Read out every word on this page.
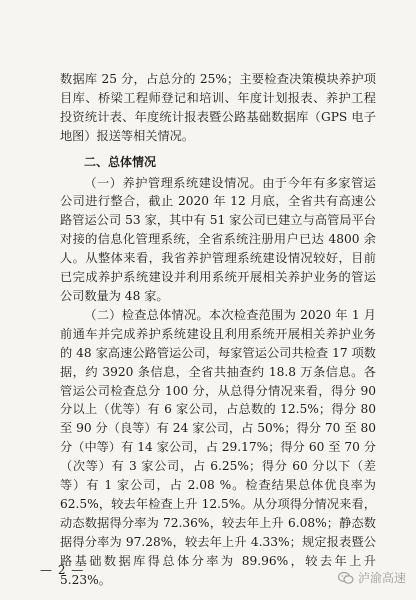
数据库 25 分，占总分的 25%；主要检查决策模块养护项目库、桥梁工程师登记和培训、年度计划报表、养护工程投资统计表、年度统计报表暨公路基础数据库（GPS 电子地图）报送等相关情况。

二、总体情况

（一）养护管理系统建设情况。由于今年有多家管运公司进行整合，截止 2020 年 12 月底，全省共有高速公路管运公司 53 家，其中有 51 家公司已建立与高管局平台对接的信息化管理系统，全省系统注册用户已达 4800 余人。从整体来看，我省养护管理系统建设情况较好，目前已完成养护系统建设并利用系统开展相关养护业务的管运公司数量为 48 家。

（二）检查总体情况。本次检查范围为 2020 年 1 月前通车并完成养护系统建设且利用系统开展相关养护业务的 48 家高速公路管运公司，每家管运公司共检查 17 项数据，约 3920 条信息，全省共抽查约 18.8 万条信息。各管运公司检查总分 100 分，从总得分情况来看，得分 90 分以上（优等）有 6 家公司，占总数的 12.5%；得分 80 至 90 分（良等）有 24 家公司，占 50%；得分 70 至 80 分（中等）有 14 家公司，占 29.17%；得分 60 至 70 分（次等）有 3 家公司，占 6.25%；得分 60 分以下（差等）有 1 家公司，占 2.08 %。检查结果总体优良率为 62.5%，较去年检查上升 12.5%。从分项得分情况来看，动态数据得分率为 72.36%，较去年上升 6.08%；静态数据得分率为 97.28%，较去年上升 4.33%；规定报表暨公路基础数据库得总体分率为 89.96%，较去年上升 5.23%。

— 2 —
泸渝高速
